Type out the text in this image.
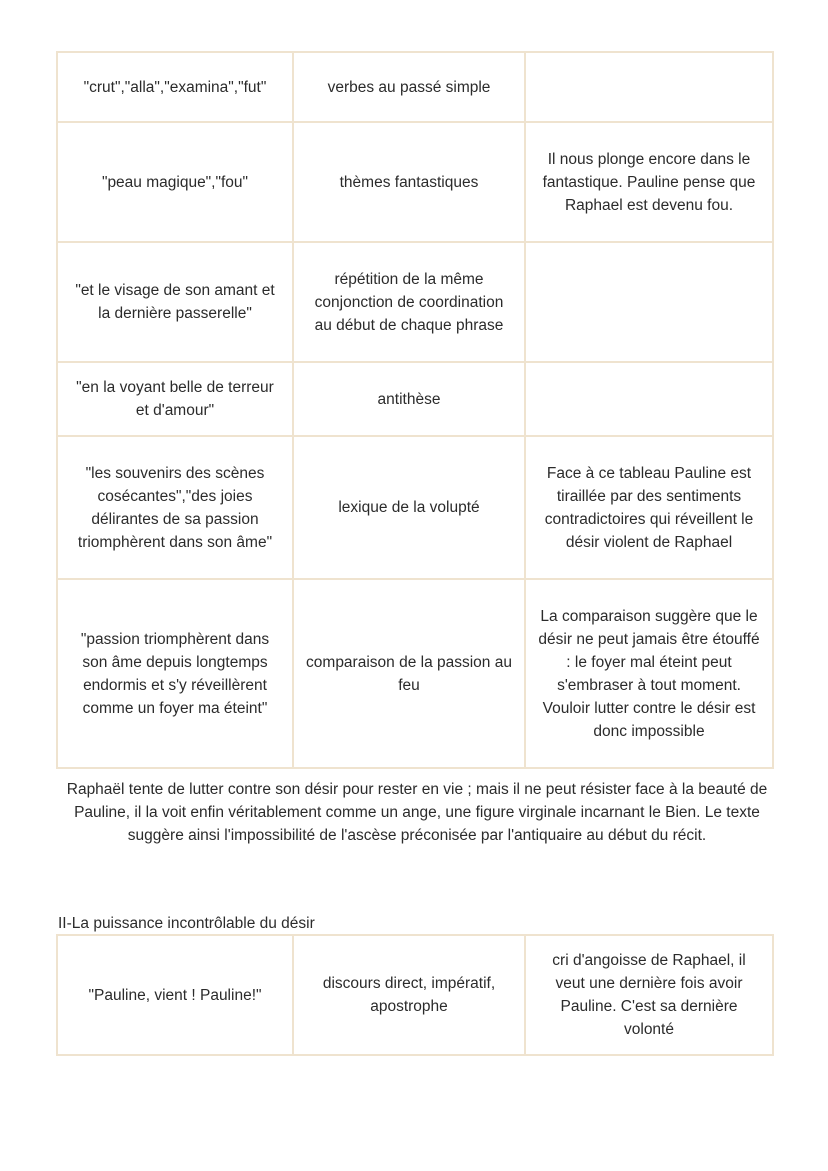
"crut","alla","examina","fut"	verbes au passé simple	
"peau magique","fou"	thèmes fantastiques	Il nous plonge encore dans le fantastique. Pauline pense que Raphael est devenu fou.
"et le visage de son amant et la dernière passerelle"	répétition de la même conjonction de coordination au début de chaque phrase	
"en la voyant belle de terreur et d'amour"	antithèse	
"les souvenirs des scènes cosécantes","des joies délirantes de sa passion triomphèrent dans son âme"	lexique de la volupté	Face à ce tableau Pauline est tiraillée par des sentiments contradictoires qui réveillent le désir violent de Raphael
"passion triomphèrent dans son âme depuis longtemps endormis et s'y réveillèrent comme un foyer ma éteint"	comparaison de la passion au feu	La comparaison suggère que le désir ne peut jamais être étouffé : le foyer mal éteint peut s'embraser à tout moment. Vouloir lutter contre le désir est donc impossible
Raphaël tente de lutter contre son désir pour rester en vie ; mais il ne peut résister face à la beauté de Pauline, il la voit enfin véritablement comme un ange, une figure virginale incarnant le Bien. Le texte suggère ainsi l'impossibilité de l'ascèse préconisée par l'antiquaire au début du récit.
II-La puissance incontrôlable du désir
"Pauline, vient ! Pauline!"	discours direct, impératif, apostrophe	cri d'angoisse de Raphael, il veut une dernière fois avoir Pauline. C'est sa dernière volonté
